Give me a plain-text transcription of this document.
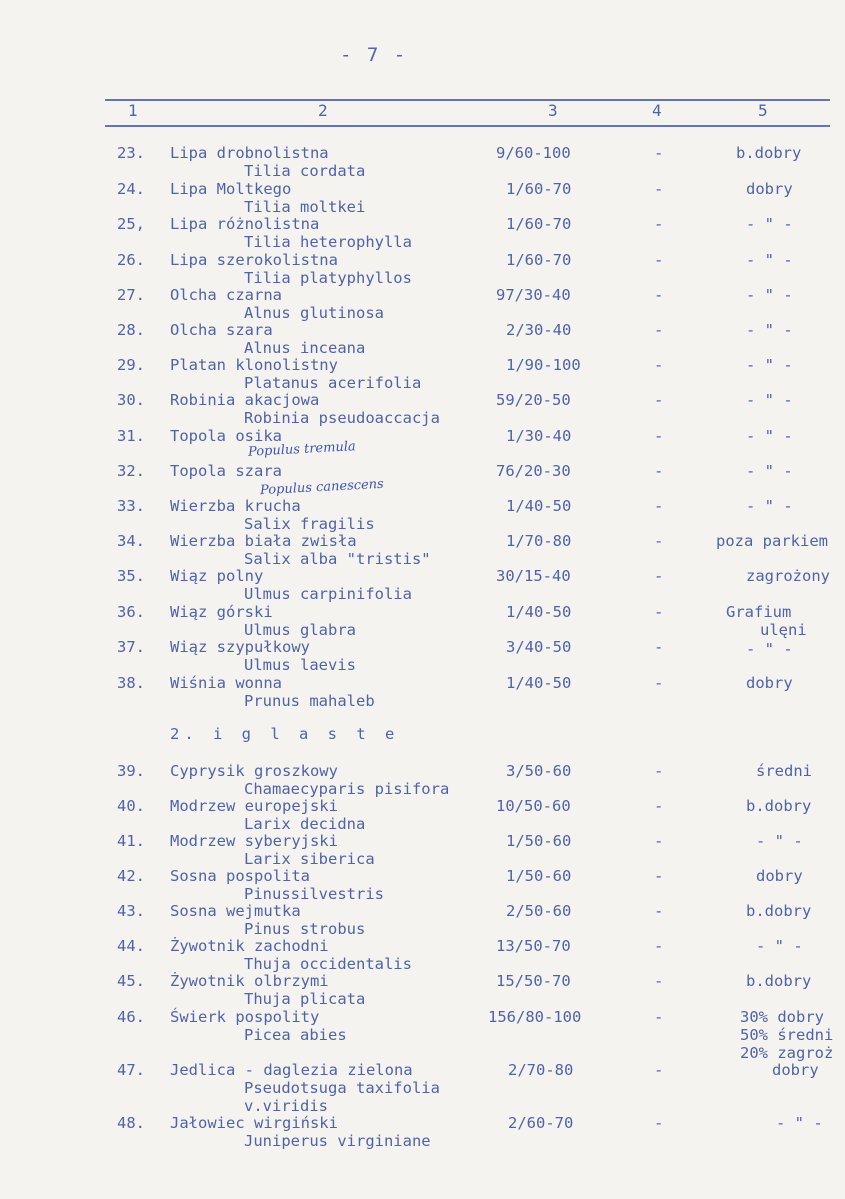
- 7 -
1	2	3	4	5
23. Lipa drobnolistna
Tilia cordata
9/60-100	-	b.dobry
24. Lipa Moltkego
Tilia moltkei
1/60-70	-	dobry
25, Lipa różnolistna
Tilia heterophylla
1/60-70	-	- " -
26. Lipa szerokolistna
Tilia platyphyllos
1/60-70	-	- " -
27. Olcha czarna
Alnus glutinosa
97/30-40	-	- " -
28. Olcha szara
Alnus inceana
2/30-40	-	- " -
29. Platan klonolistny
Platanus acerifolia
1/90-100	-	- " -
30. Robinia akacjowa
Robinia pseudoaccacja
59/20-50	-	- " -
31. Topola osika	1/30-40	-	- " -
Populus tremula
32. Topola szara	76/20-30	-	- " -
Populus canescens
33. Wierzba krucha
Salix fragilis
1/40-50	-	- " -
34. Wierzba biała zwisła
Salix alba "tristis"
1/70-80	-	poza parkiem
35. Wiąz polny
Ulmus carpinifolia
30/15-40	-	zagrożony
36. Wiąz górski
Ulmus glabra
1/40-50	-	Grafium
ulęni
37. Wiąz szypułkowy
Ulmus laevis
3/40-50	-	- " -
38. Wiśnia wonna
Prunus mahaleb
1/40-50	-	dobry
2. i g l a s t e
39. Cyprysik groszkowy
Chamaecyparis pisifora
3/50-60	-	średni
40. Modrzew europejski
Larix decidna
10/50-60	-	b.dobry
41. Modrzew syberyjski
Larix siberica
1/50-60	-	- " -
42. Sosna pospolita
Pinussilvestris
1/50-60	-	dobry
43. Sosna wejmutka
Pinus strobus
2/50-60	-	b.dobry
44. Żywotnik zachodni
Thuja occidentalis
13/50-70	-	- " -
45. Żywotnik olbrzymi
Thuja plicata
15/50-70	-	b.dobry
46. Świerk pospolity
Picea abies
156/80-100	-	30% dobry
50% średni
20% zagroż
47. Jedlica - daglezia zielona
Pseudotsuga taxifolia
v.viridis
2/70-80	-	dobry
48. Jałowiec wirgiński
Juniperus virginiane
2/60-70	-	- " -
